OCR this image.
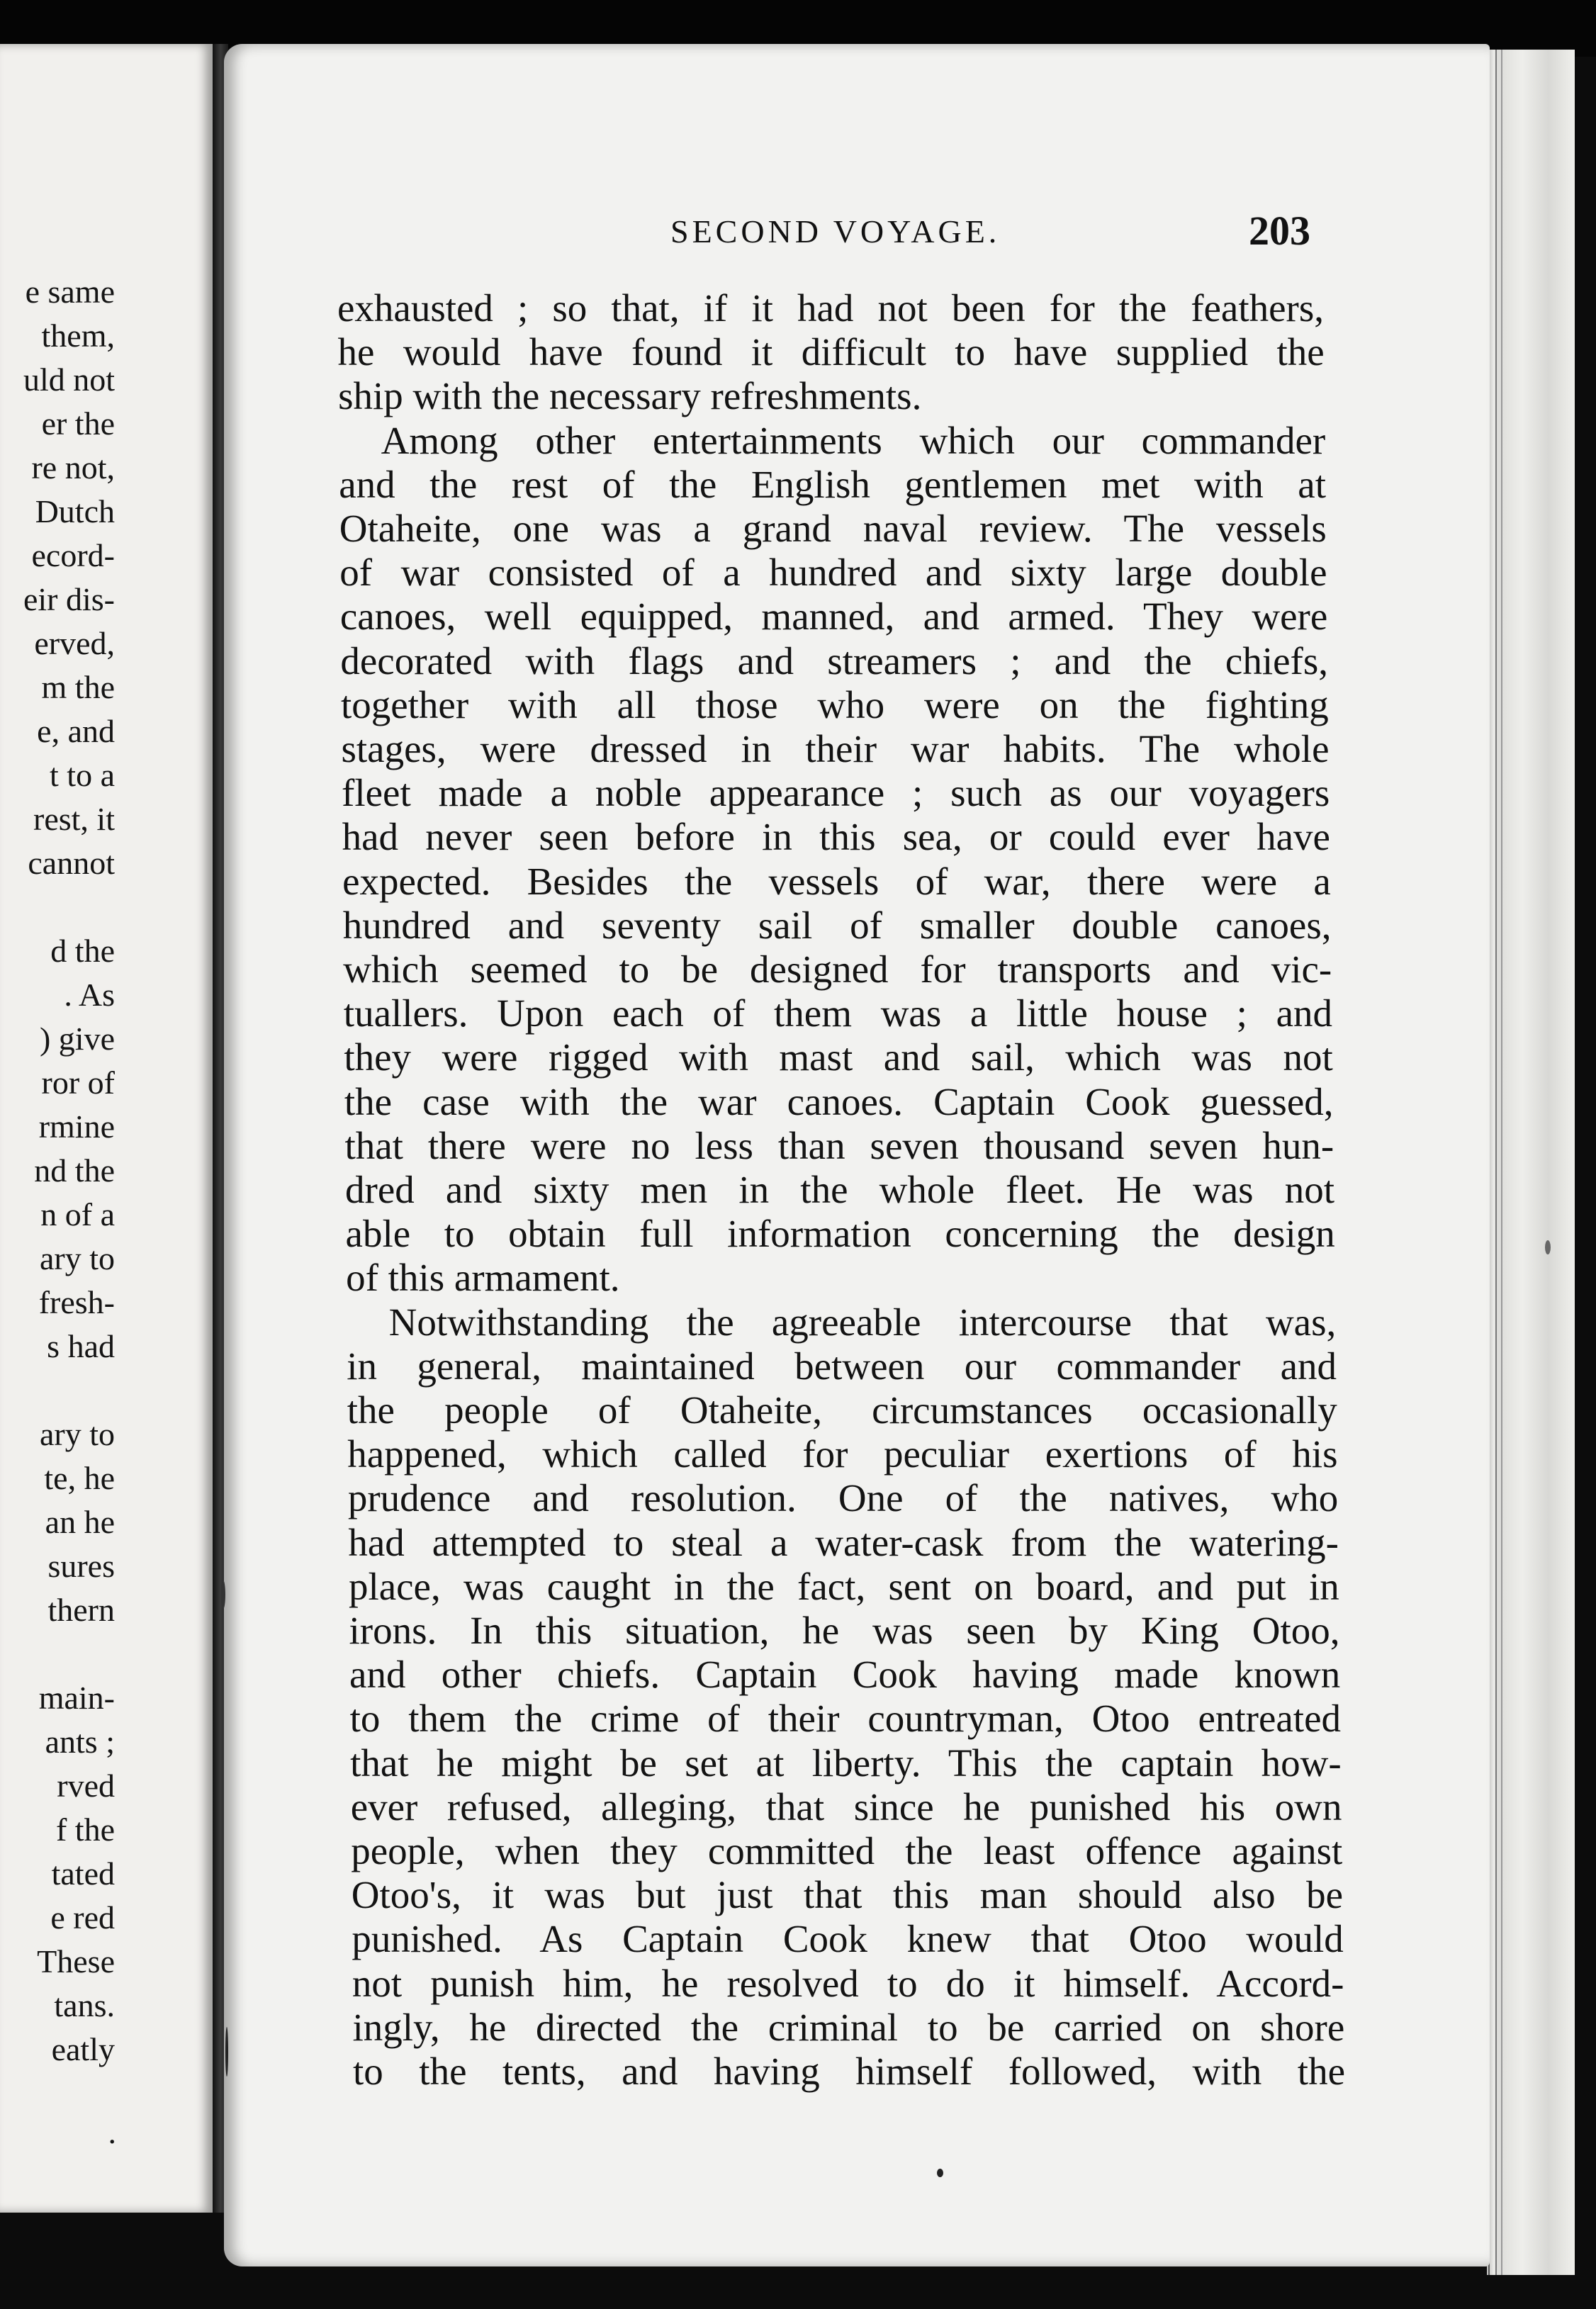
e same
them,
uld not
er the
re not,
Dutch
ecord-
eir dis-
erved,
m the
e, and
t to a
rest, it
cannot
d the
. As
) give
ror of
rmine
nd the
n of a
ary to
fresh-
s had
ary to
te, he
an he
sures
thern
main-
ants ;
rved
f the
tated
e red
These
tans.
eatly
.
SECOND VOYAGE.	203
exhausted ; so that, if it had not been for the feathers,
he would have found it difficult to have supplied the
ship with the necessary refreshments.
Among other entertainments which our commander
and the rest of the English gentlemen met with at
Otaheite, one was a grand naval review. The vessels
of war consisted of a hundred and sixty large double
canoes, well equipped, manned, and armed. They were
decorated with flags and streamers ; and the chiefs,
together with all those who were on the fighting
stages, were dressed in their war habits. The whole
fleet made a noble appearance ; such as our voyagers
had never seen before in this sea, or could ever have
expected. Besides the vessels of war, there were a
hundred and seventy sail of smaller double canoes,
which seemed to be designed for transports and vic-
tuallers. Upon each of them was a little house ; and
they were rigged with mast and sail, which was not
the case with the war canoes. Captain Cook guessed,
that there were no less than seven thousand seven hun-
dred and sixty men in the whole fleet. He was not
able to obtain full information concerning the design
of this armament.
Notwithstanding the agreeable intercourse that was,
in general, maintained between our commander and
the people of Otaheite, circumstances occasionally
happened, which called for peculiar exertions of his
prudence and resolution. One of the natives, who
had attempted to steal a water-cask from the watering-
place, was caught in the fact, sent on board, and put in
irons. In this situation, he was seen by King Otoo,
and other chiefs. Captain Cook having made known
to them the crime of their countryman, Otoo entreated
that he might be set at liberty. This the captain how-
ever refused, alleging, that since he punished his own
people, when they committed the least offence against
Otoo's, it was but just that this man should also be
punished. As Captain Cook knew that Otoo would
not punish him, he resolved to do it himself. Accord-
ingly, he directed the criminal to be carried on shore
to the tents, and having himself followed, with the
